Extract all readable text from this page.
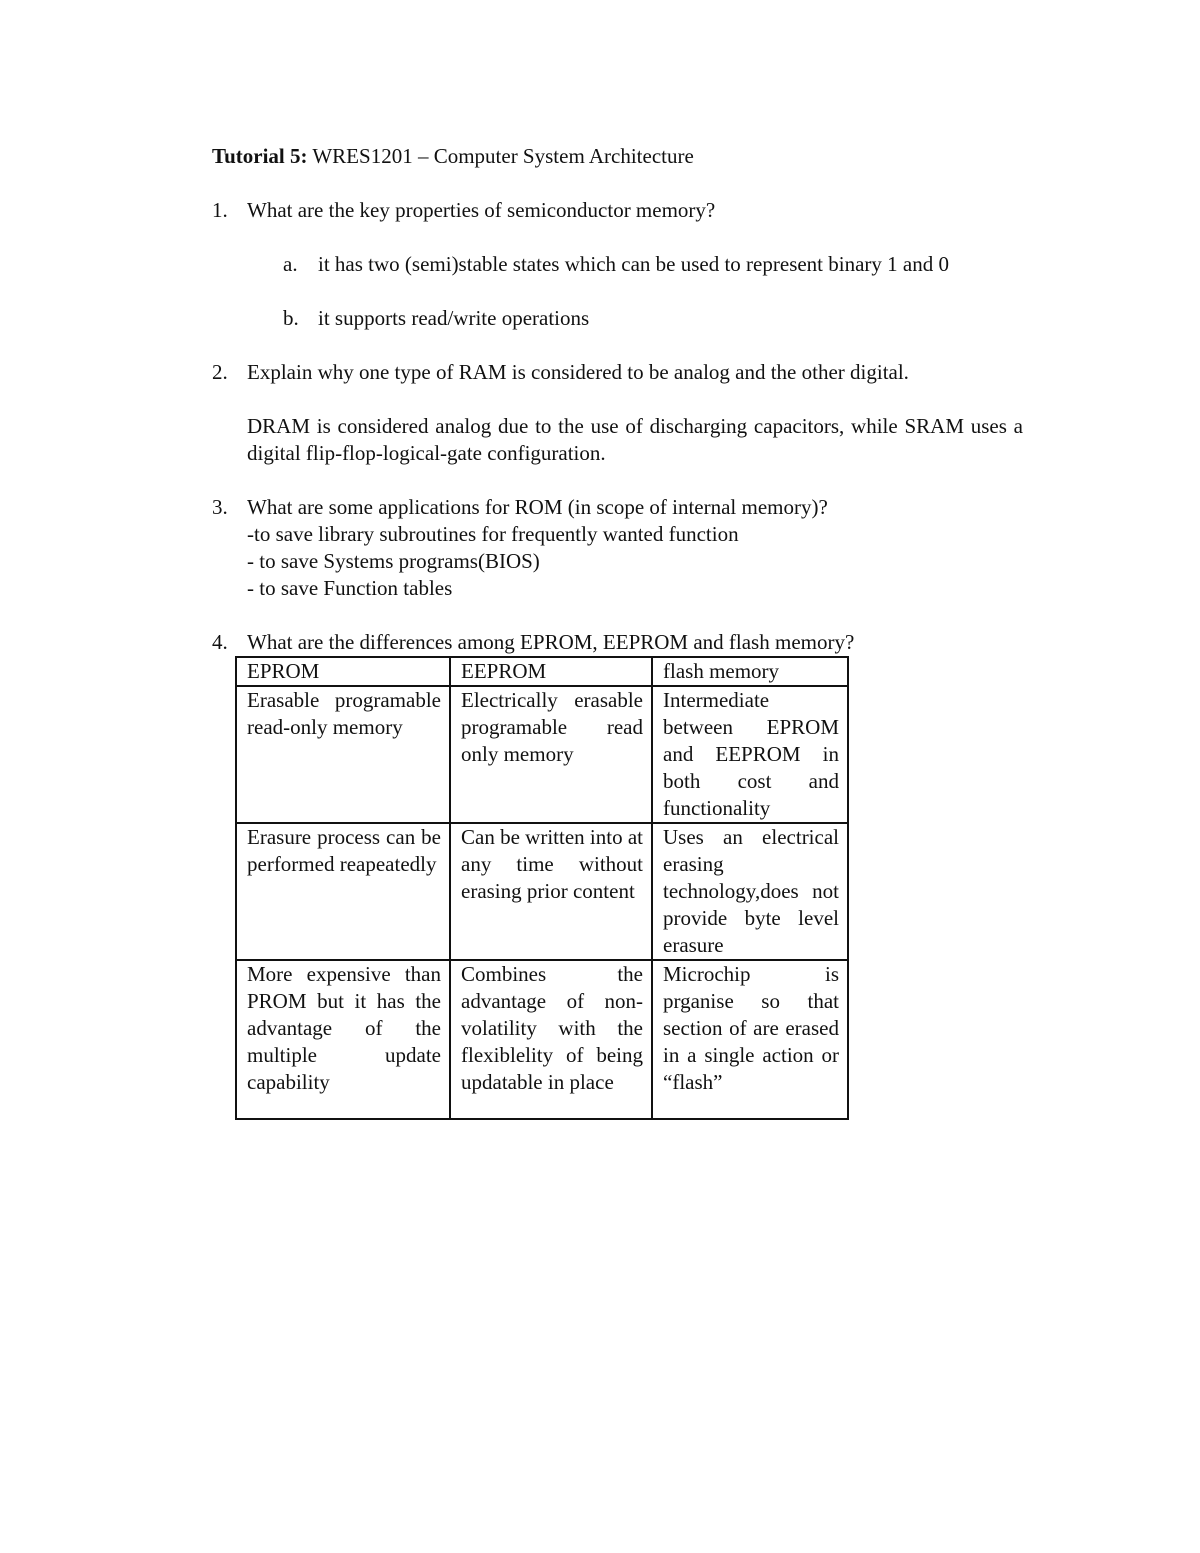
Tutorial 5: WRES1201 – Computer System Architecture
1. What are the key properties of semiconductor memory?
a. it has two (semi)stable states which can be used to represent binary 1 and 0
b. it supports read/write operations
2. Explain why one type of RAM is considered to be analog and the other digital.
DRAM is considered analog due to the use of discharging capacitors, while SRAM uses a digital flip-flop-logical-gate configuration.
3. What are some applications for ROM (in scope of internal memory)?
-to save library subroutines for frequently wanted function
- to save Systems programs(BIOS)
- to save Function tables
4. What are the differences among EPROM, EEPROM and flash memory?
EPROM	EEPROM	flash memory
Erasable programable read-only memory	Electrically erasable programable read only memory	Intermediate between EPROM and EEPROM in both cost and functionality
Erasure process can be performed reapeatedly	Can be written into at any time without erasing prior content	Uses an electrical erasing technology,does not provide byte level erasure
More expensive than PROM but it has the advantage of the multiple update capability	Combines the advantage of non-volatility with the flexiblelity of being updatable in place	Microchip is prganise so that section of are erased in a single action or “flash”
